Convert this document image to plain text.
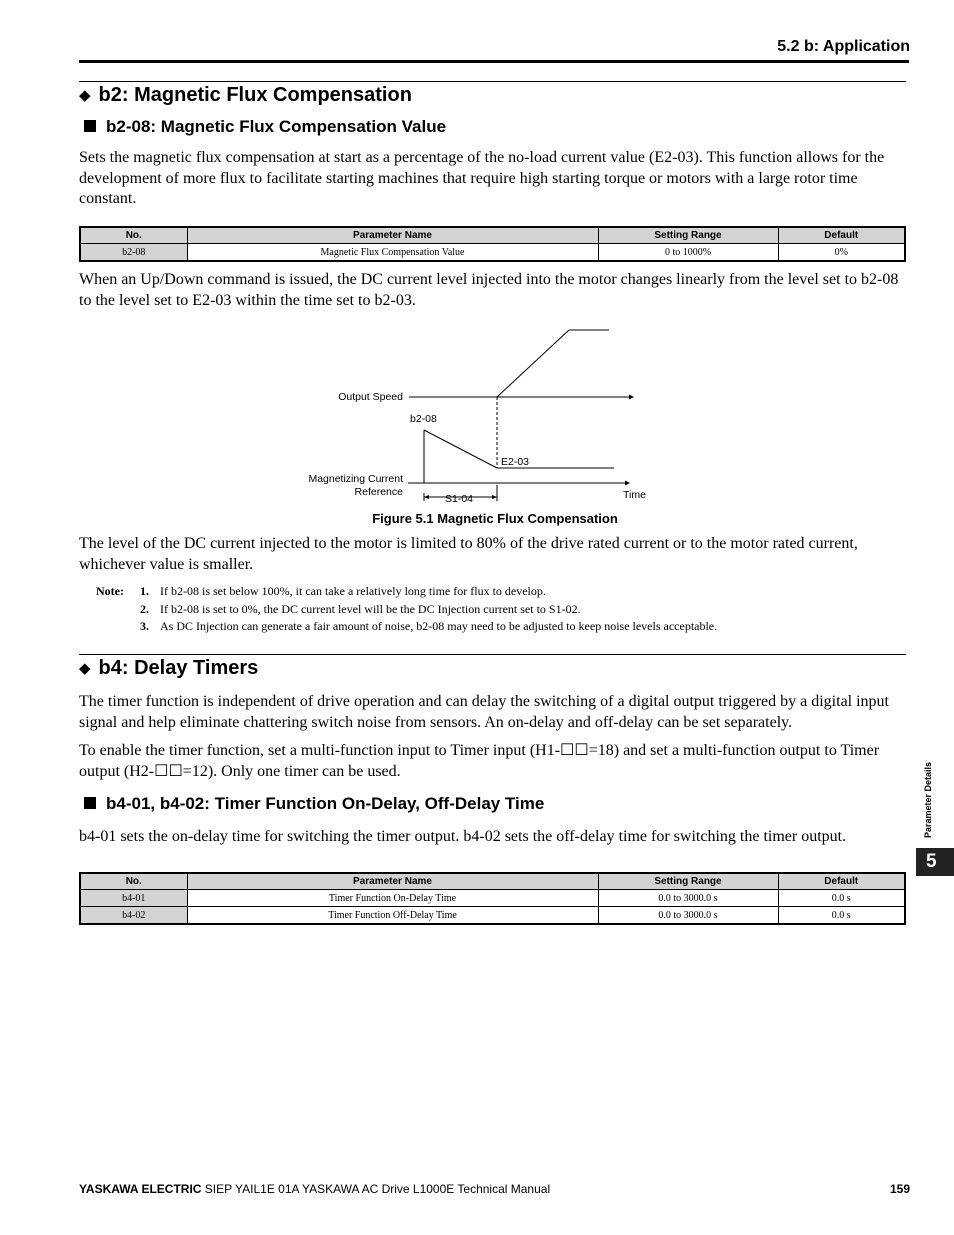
5.2 b: Application
◆ b2: Magnetic Flux Compensation
b2-08: Magnetic Flux Compensation Value
Sets the magnetic flux compensation at start as a percentage of the no-load current value (E2-03). This function allows for the development of more flux to facilitate starting machines that require high starting torque or motors with a large rotor time constant.
No.	Parameter Name	Setting Range	Default
b2-08	Magnetic Flux Compensation Value	0 to 1000%	0%
When an Up/Down command is issued, the DC current level injected into the motor changes linearly from the level set to b2-08 to the level set to E2-03 within the time set to b2-03.
Output Speed
b2-08
E2-03
Magnetizing Current
Reference
S1-04	Time
Figure 5.1 Magnetic Flux Compensation
The level of the DC current injected to the motor is limited to 80% of the drive rated current or to the motor rated current, whichever value is smaller.
Note: 1. If b2-08 is set below 100%, it can take a relatively long time for flux to develop.
2. If b2-08 is set to 0%, the DC current level will be the DC Injection current set to S1-02.
3. As DC Injection can generate a fair amount of noise, b2-08 may need to be adjusted to keep noise levels acceptable.
◆ b4: Delay Timers
The timer function is independent of drive operation and can delay the switching of a digital output triggered by a digital input signal and help eliminate chattering switch noise from sensors. An on-delay and off-delay can be set separately.
To enable the timer function, set a multi-function input to Timer input (H1-☐☐=18) and set a multi-function output to Timer output (H2-☐☐=12). Only one timer can be used.
b4-01, b4-02: Timer Function On-Delay, Off-Delay Time
b4-01 sets the on-delay time for switching the timer output. b4-02 sets the off-delay time for switching the timer output.
No.	Parameter Name	Setting Range	Default
b4-01	Timer Function On-Delay Time	0.0 to 3000.0 s	0.0 s
b4-02	Timer Function Off-Delay Time	0.0 to 3000.0 s	0.0 s
Parameter Details
5
YASKAWA ELECTRIC SIEP YAIL1E 01A YASKAWA AC Drive L1000E Technical Manual	159
